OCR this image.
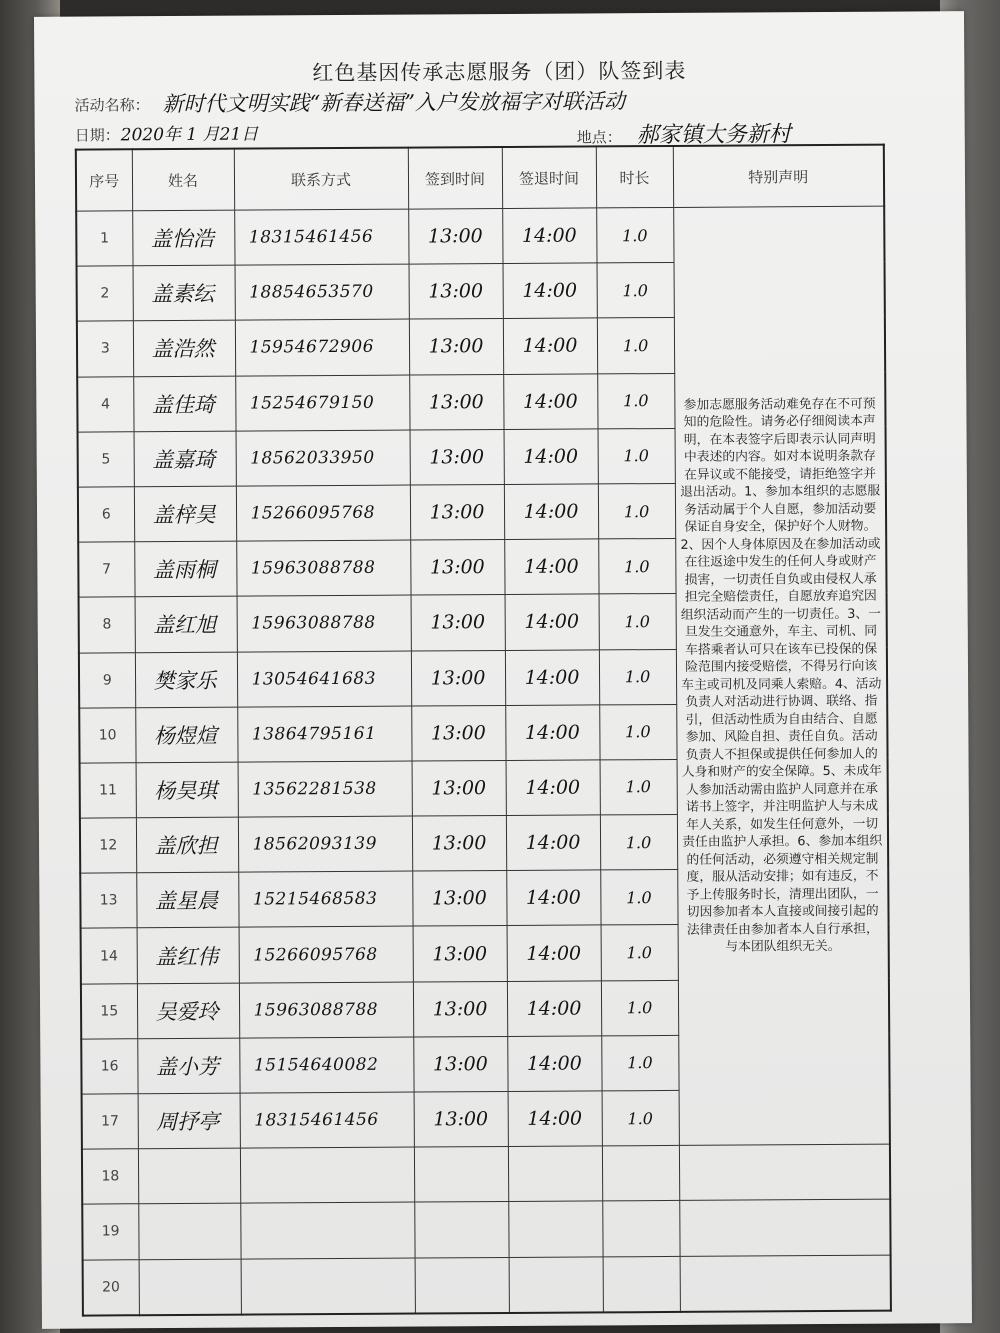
红色基因传承志愿服务（团）队签到表
活动名称： 新时代文明实践“新春送福”入户发放福字对联活动
日期： 2020年 1 月21日	地点： 郝家镇大务新村
序号	姓名	联系方式	签到时间	签退时间	时长	特别声明
1	盖怡浩	18315461456	13:00	14:00	1.0	参加志愿服务活动难免存在不可预知的危险性。请务必仔细阅读本声明，在本表签字后即表示认同声明中表述的内容。如对本说明条款存在异议或不能接受，请拒绝签字并退出活动。1、参加本组织的志愿服务活动属于个人自愿，参加活动要保证自身安全，保护好个人财物。2、因个人身体原因及在参加活动或在往返途中发生的任何人身或财产损害，一切责任自负或由侵权人承担完全赔偿责任，自愿放弃追究因组织活动而产生的一切责任。3、一旦发生交通意外，车主、司机、同车搭乘者认可只在该车已投保的保险范围内接受赔偿，不得另行向该车主或司机及同乘人索赔。4、活动负责人对活动进行协调、联络、指引，但活动性质为自由结合、自愿参加、风险自担、责任自负。活动负责人不担保或提供任何参加人的人身和财产的安全保障。5、未成年人参加活动需由监护人同意并在承诺书上签字，并注明监护人与未成年人关系，如发生任何意外，一切责任由监护人承担。6、参加本组织的任何活动，必须遵守相关规定制度，服从活动安排；如有违反，不予上传服务时长，清理出团队，一切因参加者本人直接或间接引起的法律责任由参加者本人自行承担，与本团队组织无关。
2	盖素纭	18854653570	13:00	14:00	1.0	
3	盖浩然	15954672906	13:00	14:00	1.0	
4	盖佳琦	15254679150	13:00	14:00	1.0	
5	盖嘉琦	18562033950	13:00	14:00	1.0	
6	盖梓昊	15266095768	13:00	14:00	1.0	
7	盖雨桐	15963088788	13:00	14:00	1.0	
8	盖红旭	15963088788	13:00	14:00	1.0	
9	樊家乐	13054641683	13:00	14:00	1.0	
10	杨煜煊	13864795161	13:00	14:00	1.0	
11	杨昊琪	13562281538	13:00	14:00	1.0	
12	盖欣担	18562093139	13:00	14:00	1.0	
13	盖星晨	15215468583	13:00	14:00	1.0	
14	盖红伟	15266095768	13:00	14:00	1.0	
15	吴爱玲	15963088788	13:00	14:00	1.0	
16	盖小芳	15154640082	13:00	14:00	1.0	
17	周抒亭	18315461456	13:00	14:00	1.0	
18						
19						
20						
